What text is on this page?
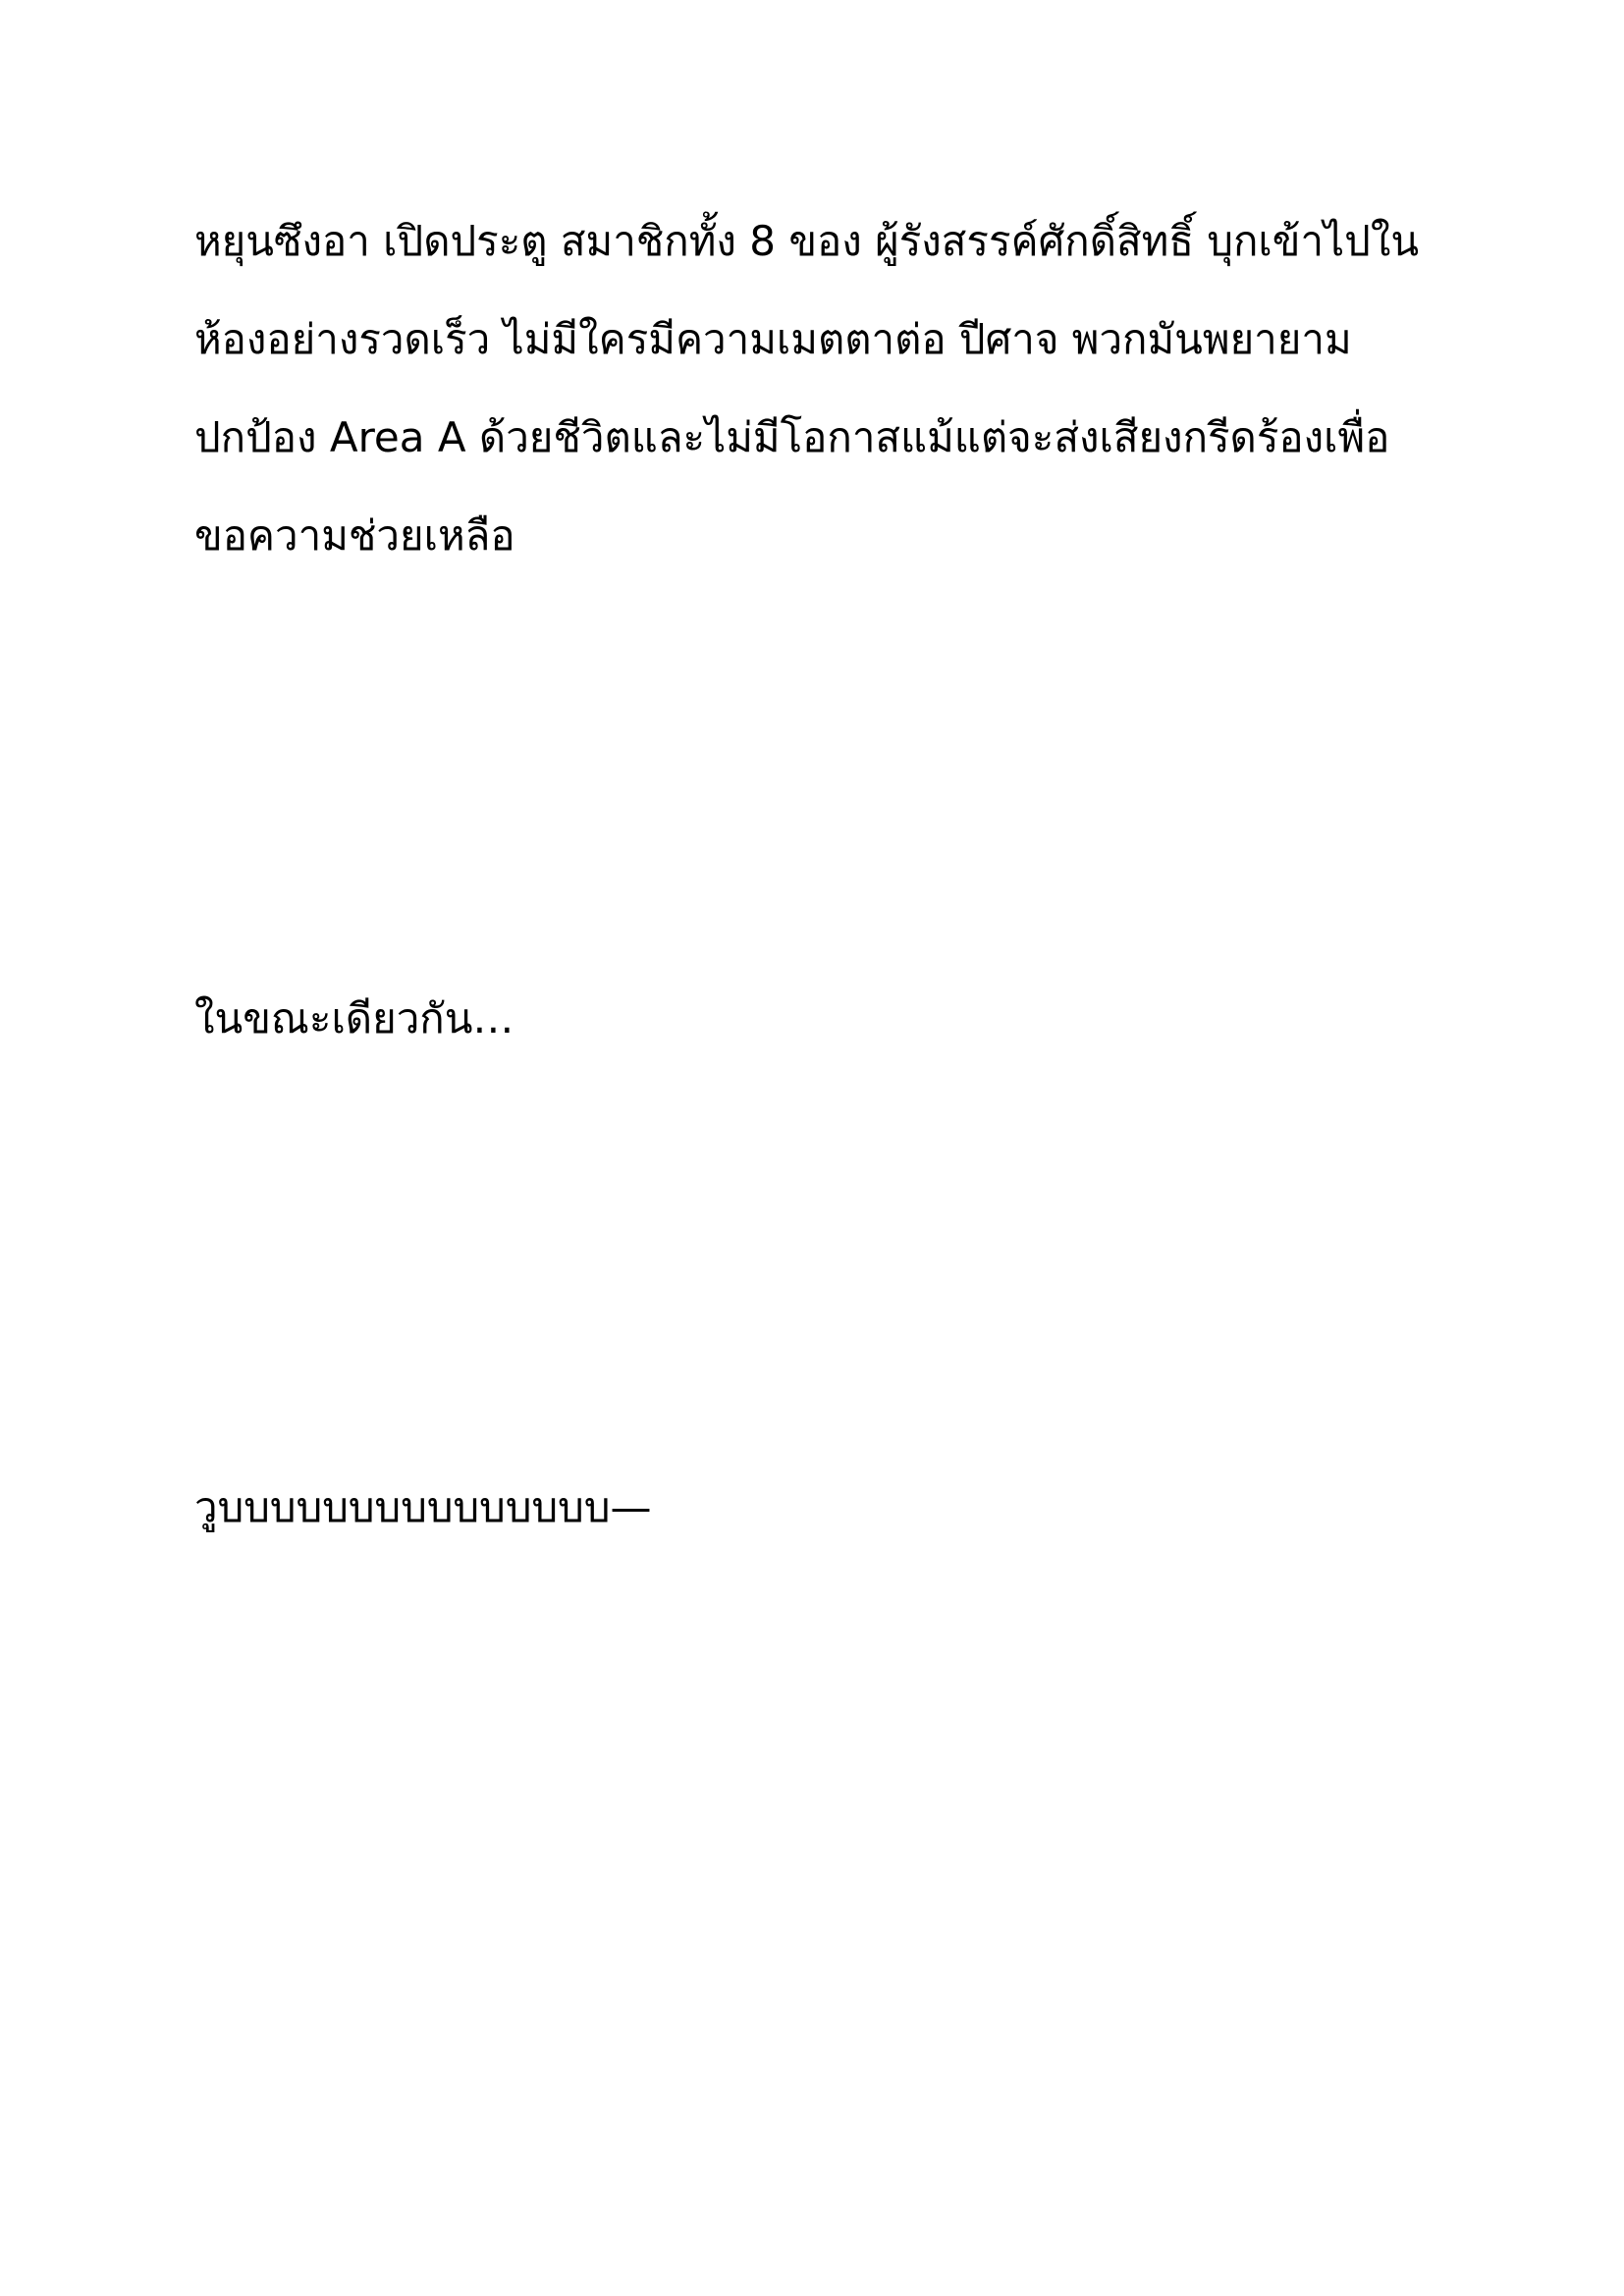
หยุนซึงอา เปิดประตู สมาชิกทั้ง 8 ของ ผู้รังสรรค์ศักดิ์สิทธิ์ บุกเข้าไปใน
ห้องอย่างรวดเร็ว ไม่มีใครมีความเมตตาต่อ ปีศาจ พวกมันพยายาม
ปกป้อง Area A ด้วยชีวิตและไม่มีโอกาสแม้แต่จะส่งเสียงกรีดร้องเพื่อ
ขอความช่วยเหลือ
ในขณะเดียวกัน…
วูบบบบบบบบบบบบบบบ—
